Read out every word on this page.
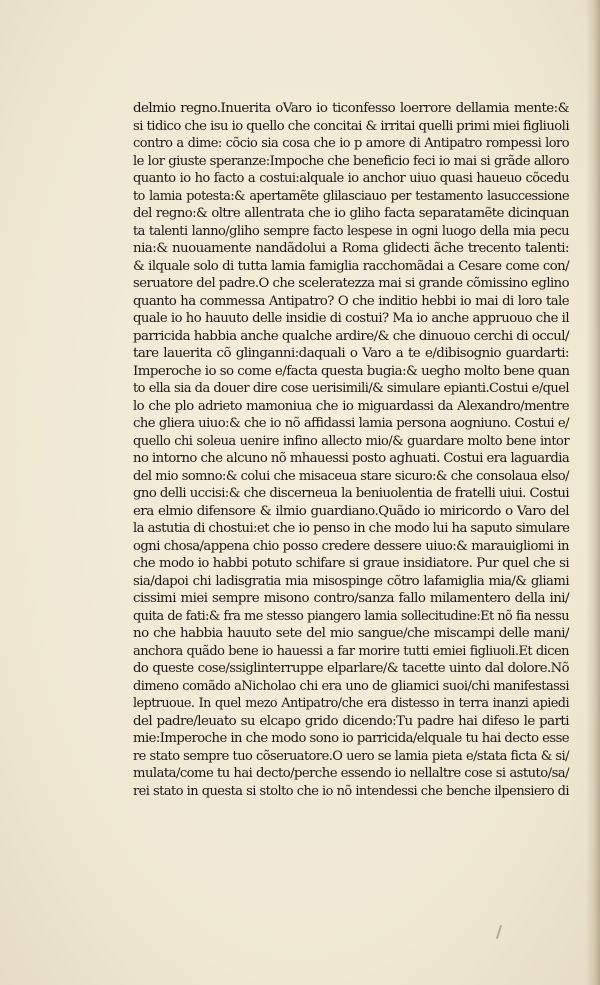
delmio regno.Inuerita oVaro io ticonfesso loerrore dellamia mente:&
si tidico che isu io quello che concitai & irritai quelli primi miei figliuoli
contro a dime: cõcio sia cosa che io p amore di Antipatro rompessi loro
le lor giuste speranze:Impoche che beneficio feci io mai si grãde alloro
quanto io ho facto a costui:alquale io anchor uiuo quasi haueuo cõcedu
to lamia potesta:& apertamẽte glilasciauo per testamento lasuccessione
del regno:& oltre allentrata che io gliho facta separatamẽte dicinquan
ta talenti lanno/gliho sempre facto lespese in ogni luogo della mia pecu
nia:& nuouamente nandãdolui a Roma glidecti ãche trecento talenti:
& ilquale solo di tutta lamia famiglia racchomãdai a Cesare come con/
seruatore del padre.O che sceleratezza mai si grande cõmissino eglino
quanto ha commessa Antipatro? O che inditio hebbi io mai di loro tale
quale io ho hauuto delle insidie di costui? Ma io anche appruouo che il
parricida habbia anche qualche ardire/& che dinuouo cerchi di occul/
tare lauerita cõ glinganni:daquali o Varo a te e/dibisognio guardarti:
Imperoche io so come e/facta questa bugia:& uegho molto bene quan
to ella sia da douer dire cose uerisimili/& simulare epianti.Costui e/quel
lo che plo adrieto mamoniua che io miguardassi da Alexandro/mentre
che gliera uiuo:& che io nõ affidassi lamia persona aogniuno. Costui e/
quello chi soleua uenire infino allecto mio/& guardare molto bene intor
no intorno che alcuno nõ mhauessi posto aghuati. Costui era laguardia
del mio somno:& colui che misaceua stare sicuro:& che consolaua elso/
gno delli uccisi:& che discerneua la beniuolentia de fratelli uiui. Costui
era elmio difensore & ilmio guardiano.Quãdo io miricordo o Varo del
la astutia di chostui:et che io penso in che modo lui ha saputo simulare
ogni chosa/appena chio posso credere dessere uiuo:& marauigliomi in
che modo io habbi potuto schifare si graue insidiatore. Pur quel che si
sia/dapoi chi ladisgratia mia misospinge cõtro lafamiglia mia/& gliami
cissimi miei sempre misono contro/sanza fallo milamentero della ini/
quita de fati:& fra me stesso piangero lamia sollecitudine:Et nõ fia nessu
no che habbia hauuto sete del mio sangue/che miscampi delle mani/
anchora quãdo bene io hauessi a far morire tutti emiei figliuoli.Et dicen
do queste cose/ssiglinterruppe elparlare/& tacette uinto dal dolore.Nõ
dimeno comãdo aNicholao chi era uno de gliamici suoi/chi manifestassi
leptruoue. In quel mezo Antipatro/che era distesso in terra inanzi apiedi
del padre/leuato su elcapo grido dicendo:Tu padre hai difeso le parti
mie:Imperoche in che modo sono io parricida/elquale tu hai decto esse
re stato sempre tuo cõseruatore.O uero se lamia pieta e/stata ficta & si/
mulata/come tu hai decto/perche essendo io nellaltre cose si astuto/sa/
rei stato in questa si stolto che io nõ intendessi che benche ilpensiero di
